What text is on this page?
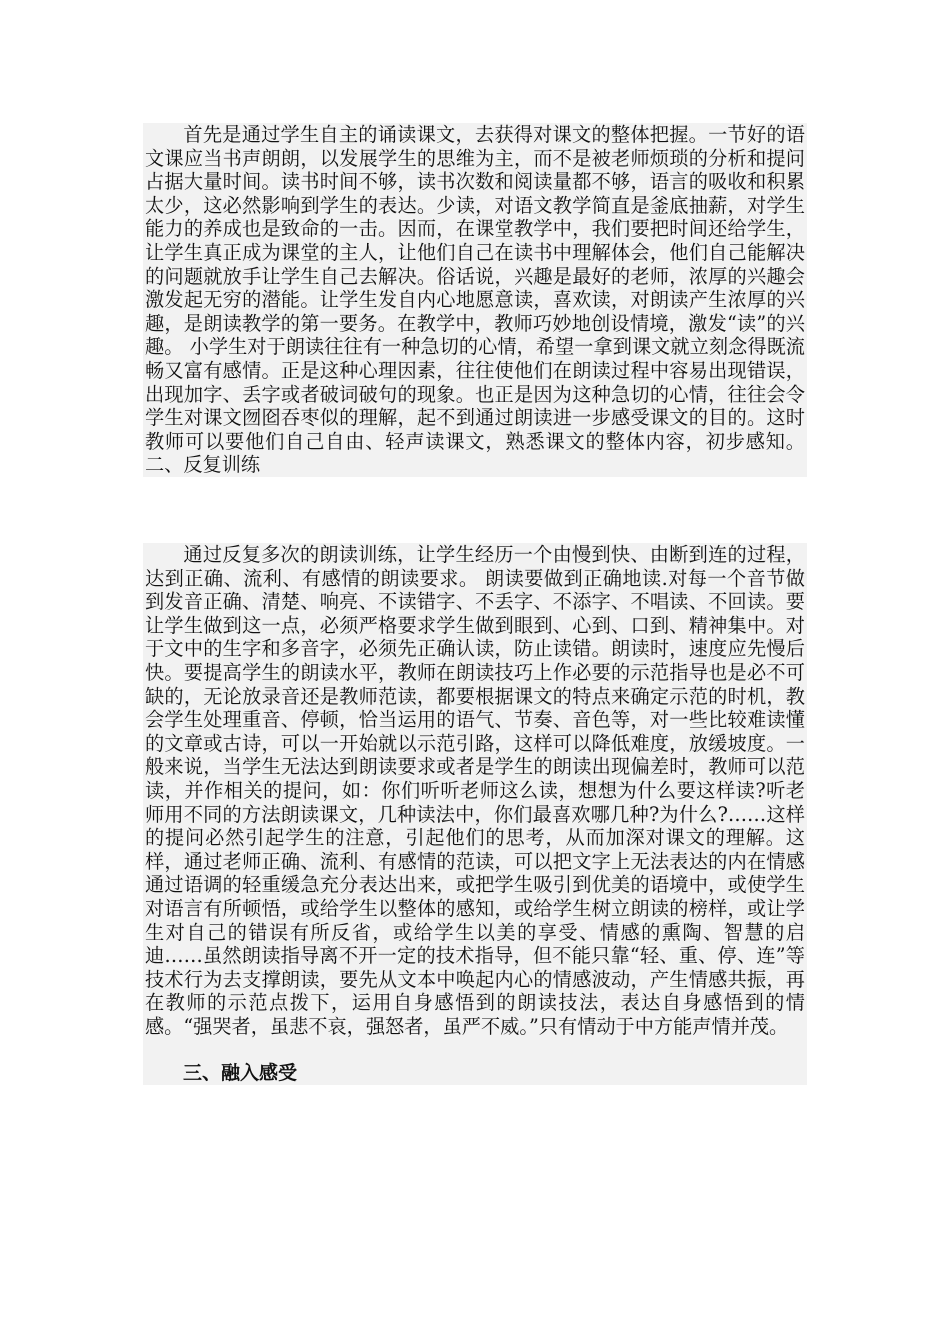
首先是通过学生自主的诵读课文，去获得对课文的整体把握。一节好的语文课应当书声朗朗，以发展学生的思维为主，而不是被老师烦琐的分析和提问占据大量时间。读书时间不够，读书次数和阅读量都不够，语言的吸收和积累太少，这必然影响到学生的表达。少读，对语文教学简直是釜底抽薪，对学生能力的养成也是致命的一击。因而，在课堂教学中，我们要把时间还给学生，让学生真正成为课堂的主人，让他们自己在读书中理解体会，他们自己能解决的问题就放手让学生自己去解决。俗话说，兴趣是最好的老师，浓厚的兴趣会激发起无穷的潜能。让学生发自内心地愿意读，喜欢读，对朗读产生浓厚的兴趣，是朗读教学的第一要务。在教学中，教师巧妙地创设情境，激发“读”的兴趣。 小学生对于朗读往往有一种急切的心情，希望一拿到课文就立刻念得既流畅又富有感情。正是这种心理因素，往往使他们在朗读过程中容易出现错误，出现加字、丢字或者破词破句的现象。也正是因为这种急切的心情，往往会令学生对课文囫囵吞枣似的理解，起不到通过朗读进一步感受课文的目的。这时教师可以要他们自己自由、轻声读课文，熟悉课文的整体内容，初步感知。 二、反复训练

通过反复多次的朗读训练，让学生经历一个由慢到快、由断到连的过程，达到正确、流利、有感情的朗读要求。 朗读要做到正确地读.对每一个音节做到发音正确、清楚、响亮、不读错字、不丢字、不添字、不唱读、不回读。要让学生做到这一点，必须严格要求学生做到眼到、心到、口到、精神集中。对于文中的生字和多音字，必须先正确认读，防止读错。朗读时，速度应先慢后快。要提高学生的朗读水平，教师在朗读技巧上作必要的示范指导也是必不可缺的，无论放录音还是教师范读，都要根据课文的特点来确定示范的时机，教会学生处理重音、停顿，恰当运用的语气、节奏、音色等，对一些比较难读懂的文章或古诗，可以一开始就以示范引路，这样可以降低难度，放缓坡度。一般来说，当学生无法达到朗读要求或者是学生的朗读出现偏差时，教师可以范读，并作相关的提问，如：你们听听老师这么读，想想为什么要这样读?听老师用不同的方法朗读课文，几种读法中，你们最喜欢哪几种?为什么?……这样的提问必然引起学生的注意，引起他们的思考，从而加深对课文的理解。这样，通过老师正确、流利、有感情的范读，可以把文字上无法表达的内在情感通过语调的轻重缓急充分表达出来，或把学生吸引到优美的语境中，或使学生对语言有所顿悟，或给学生以整体的感知，或给学生树立朗读的榜样，或让学生对自己的错误有所反省，或给学生以美的享受、情感的熏陶、智慧的启迪……虽然朗读指导离不开一定的技术指导，但不能只靠“轻、重、停、连”等技术行为去支撑朗读，要先从文本中唤起内心的情感波动，产生情感共振，再在教师的示范点拨下，运用自身感悟到的朗读技法，表达自身感悟到的情感。“强哭者，虽悲不哀，强怒者，虽严不威。”只有情动于中方能声情并茂。

三、融入感受
